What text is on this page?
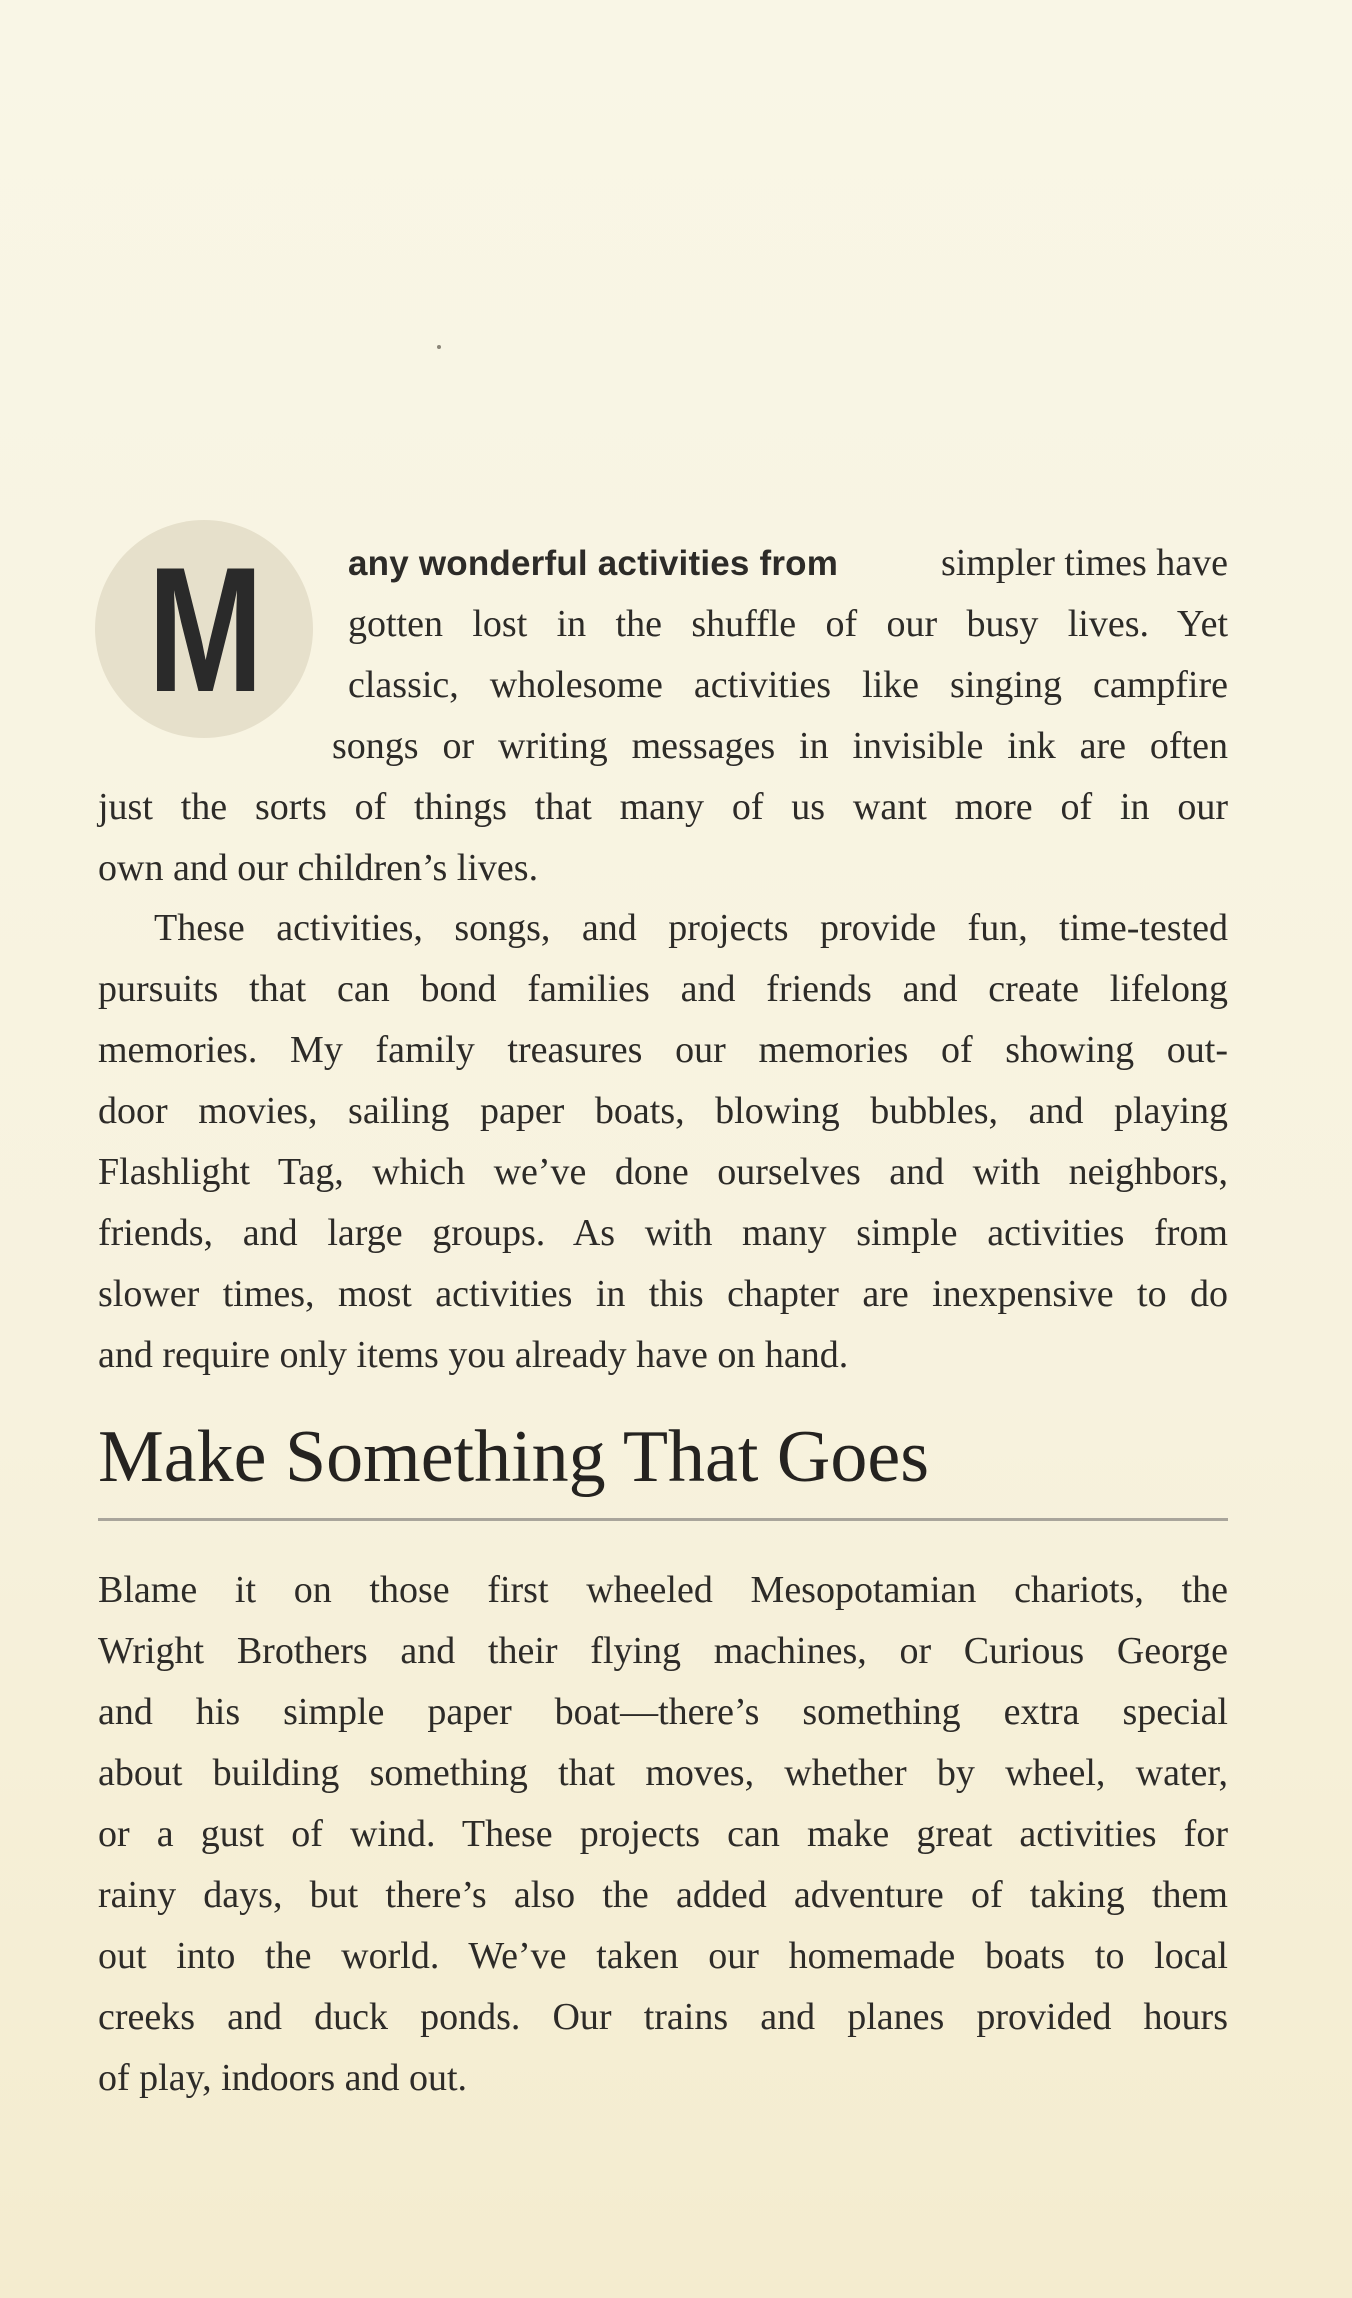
M	any wonderful activities from	simpler times have
gotten lost in the shuffle of our busy lives. Yet
classic, wholesome activities like singing campfire
songs or writing messages in invisible ink are often
just the sorts of things that many of us want more of in our
own and our children’s lives.
These activities, songs, and projects provide fun, time-tested
pursuits that can bond families and friends and create lifelong
memories. My family treasures our memories of showing out-
door movies, sailing paper boats, blowing bubbles, and playing
Flashlight Tag, which we’ve done ourselves and with neighbors,
friends, and large groups. As with many simple activities from
slower times, most activities in this chapter are inexpensive to do
and require only items you already have on hand.
Make Something That Goes
Blame it on those first wheeled Mesopotamian chariots, the
Wright Brothers and their flying machines, or Curious George
and his simple paper boat—there’s something extra special
about building something that moves, whether by wheel, water,
or a gust of wind. These projects can make great activities for
rainy days, but there’s also the added adventure of taking them
out into the world. We’ve taken our homemade boats to local
creeks and duck ponds. Our trains and planes provided hours
of play, indoors and out.
